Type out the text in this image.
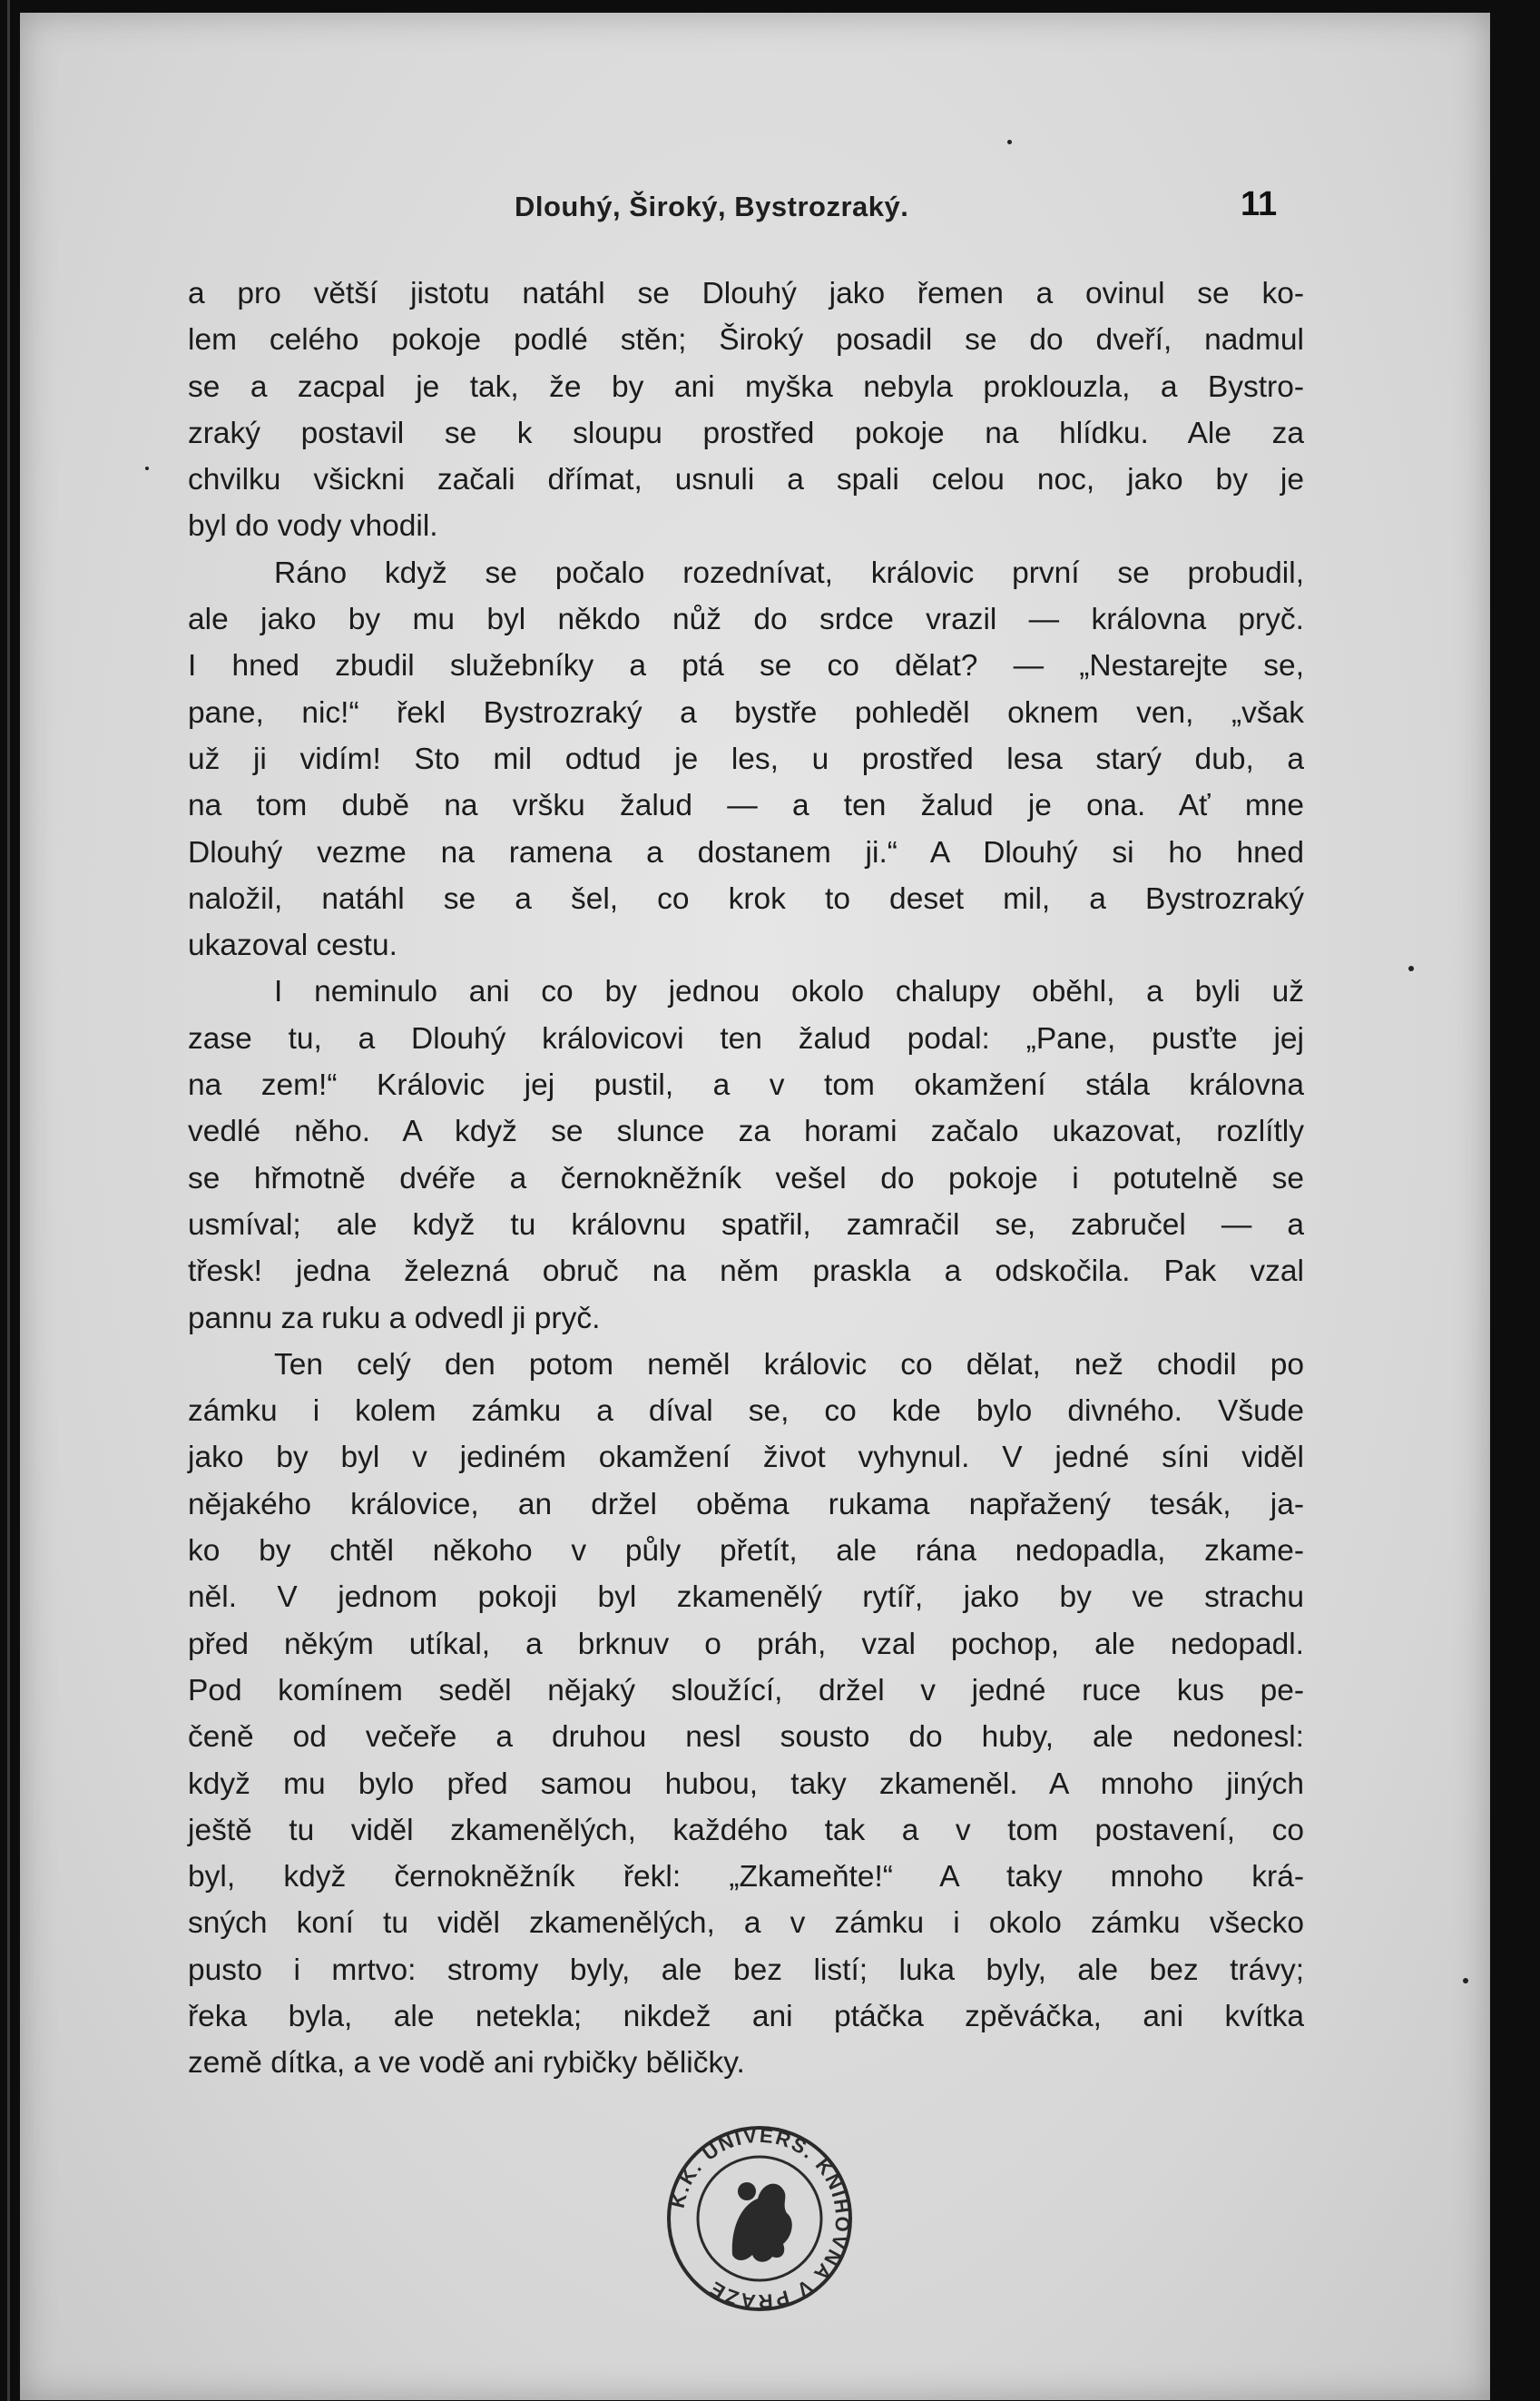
Dlouhý, Široký, Bystrozraký.	11
a pro větší jistotu natáhl se Dlouhý jako řemen a ovinul se ko-
lem celého pokoje podlé stěn; Široký posadil se do dveří, nadmul
se a zacpal je tak, že by ani myška nebyla proklouzla, a Bystro-
zraký postavil se k sloupu prostřed pokoje na hlídku. Ale za
chvilku všickni začali dřímat, usnuli a spali celou noc, jako by je
byl do vody vhodil.
Ráno když se počalo rozednívat, královic první se probudil,
ale jako by mu byl někdo nůž do srdce vrazil — královna pryč.
I hned zbudil služebníky a ptá se co dělat? — „Nestarejte se,
pane, nic!“ řekl Bystrozraký a bystře pohleděl oknem ven, „však
už ji vidím! Sto mil odtud je les, u prostřed lesa starý dub, a
na tom dubě na vršku žalud — a ten žalud je ona. Ať mne
Dlouhý vezme na ramena a dostanem ji.“ A Dlouhý si ho hned
naložil, natáhl se a šel, co krok to deset mil, a Bystrozraký
ukazoval cestu.
I neminulo ani co by jednou okolo chalupy oběhl, a byli už
zase tu, a Dlouhý královicovi ten žalud podal: „Pane, pusťte jej
na zem!“ Královic jej pustil, a v tom okamžení stála královna
vedlé něho. A když se slunce za horami začalo ukazovat, rozlítly
se hřmotně dvéře a černokněžník vešel do pokoje i potutelně se
usmíval; ale když tu královnu spatřil, zamračil se, zabručel — a
třesk! jedna železná obruč na něm praskla a odskočila. Pak vzal
pannu za ruku a odvedl ji pryč.
Ten celý den potom neměl královic co dělat, než chodil po
zámku i kolem zámku a díval se, co kde bylo divného. Všude
jako by byl v jediném okamžení život vyhynul. V jedné síni viděl
nějakého královice, an držel oběma rukama napřažený tesák, ja-
ko by chtěl někoho v půly přetít, ale rána nedopadla, zkame-
něl. V jednom pokoji byl zkamenělý rytíř, jako by ve strachu
před někým utíkal, a brknuv o práh, vzal pochop, ale nedopadl.
Pod komínem seděl nějaký sloužící, držel v jedné ruce kus pe-
čeně od večeře a druhou nesl sousto do huby, ale nedonesl:
když mu bylo před samou hubou, taky zkameněl. A mnoho jiných
ještě tu viděl zkamenělých, každého tak a v tom postavení, co
byl, když černokněžník řekl: „Zkameňte!“ A taky mnoho krá-
sných koní tu viděl zkamenělých, a v zámku i okolo zámku všecko
pusto i mrtvo: stromy byly, ale bez listí; luka byly, ale bez trávy;
řeka byla, ale netekla; nikdež ani ptáčka zpěváčka, ani kvítka
země dítka, a ve vodě ani rybičky běličky.
K.K. UNIVERS. KNIHOVNA V PRAZE
